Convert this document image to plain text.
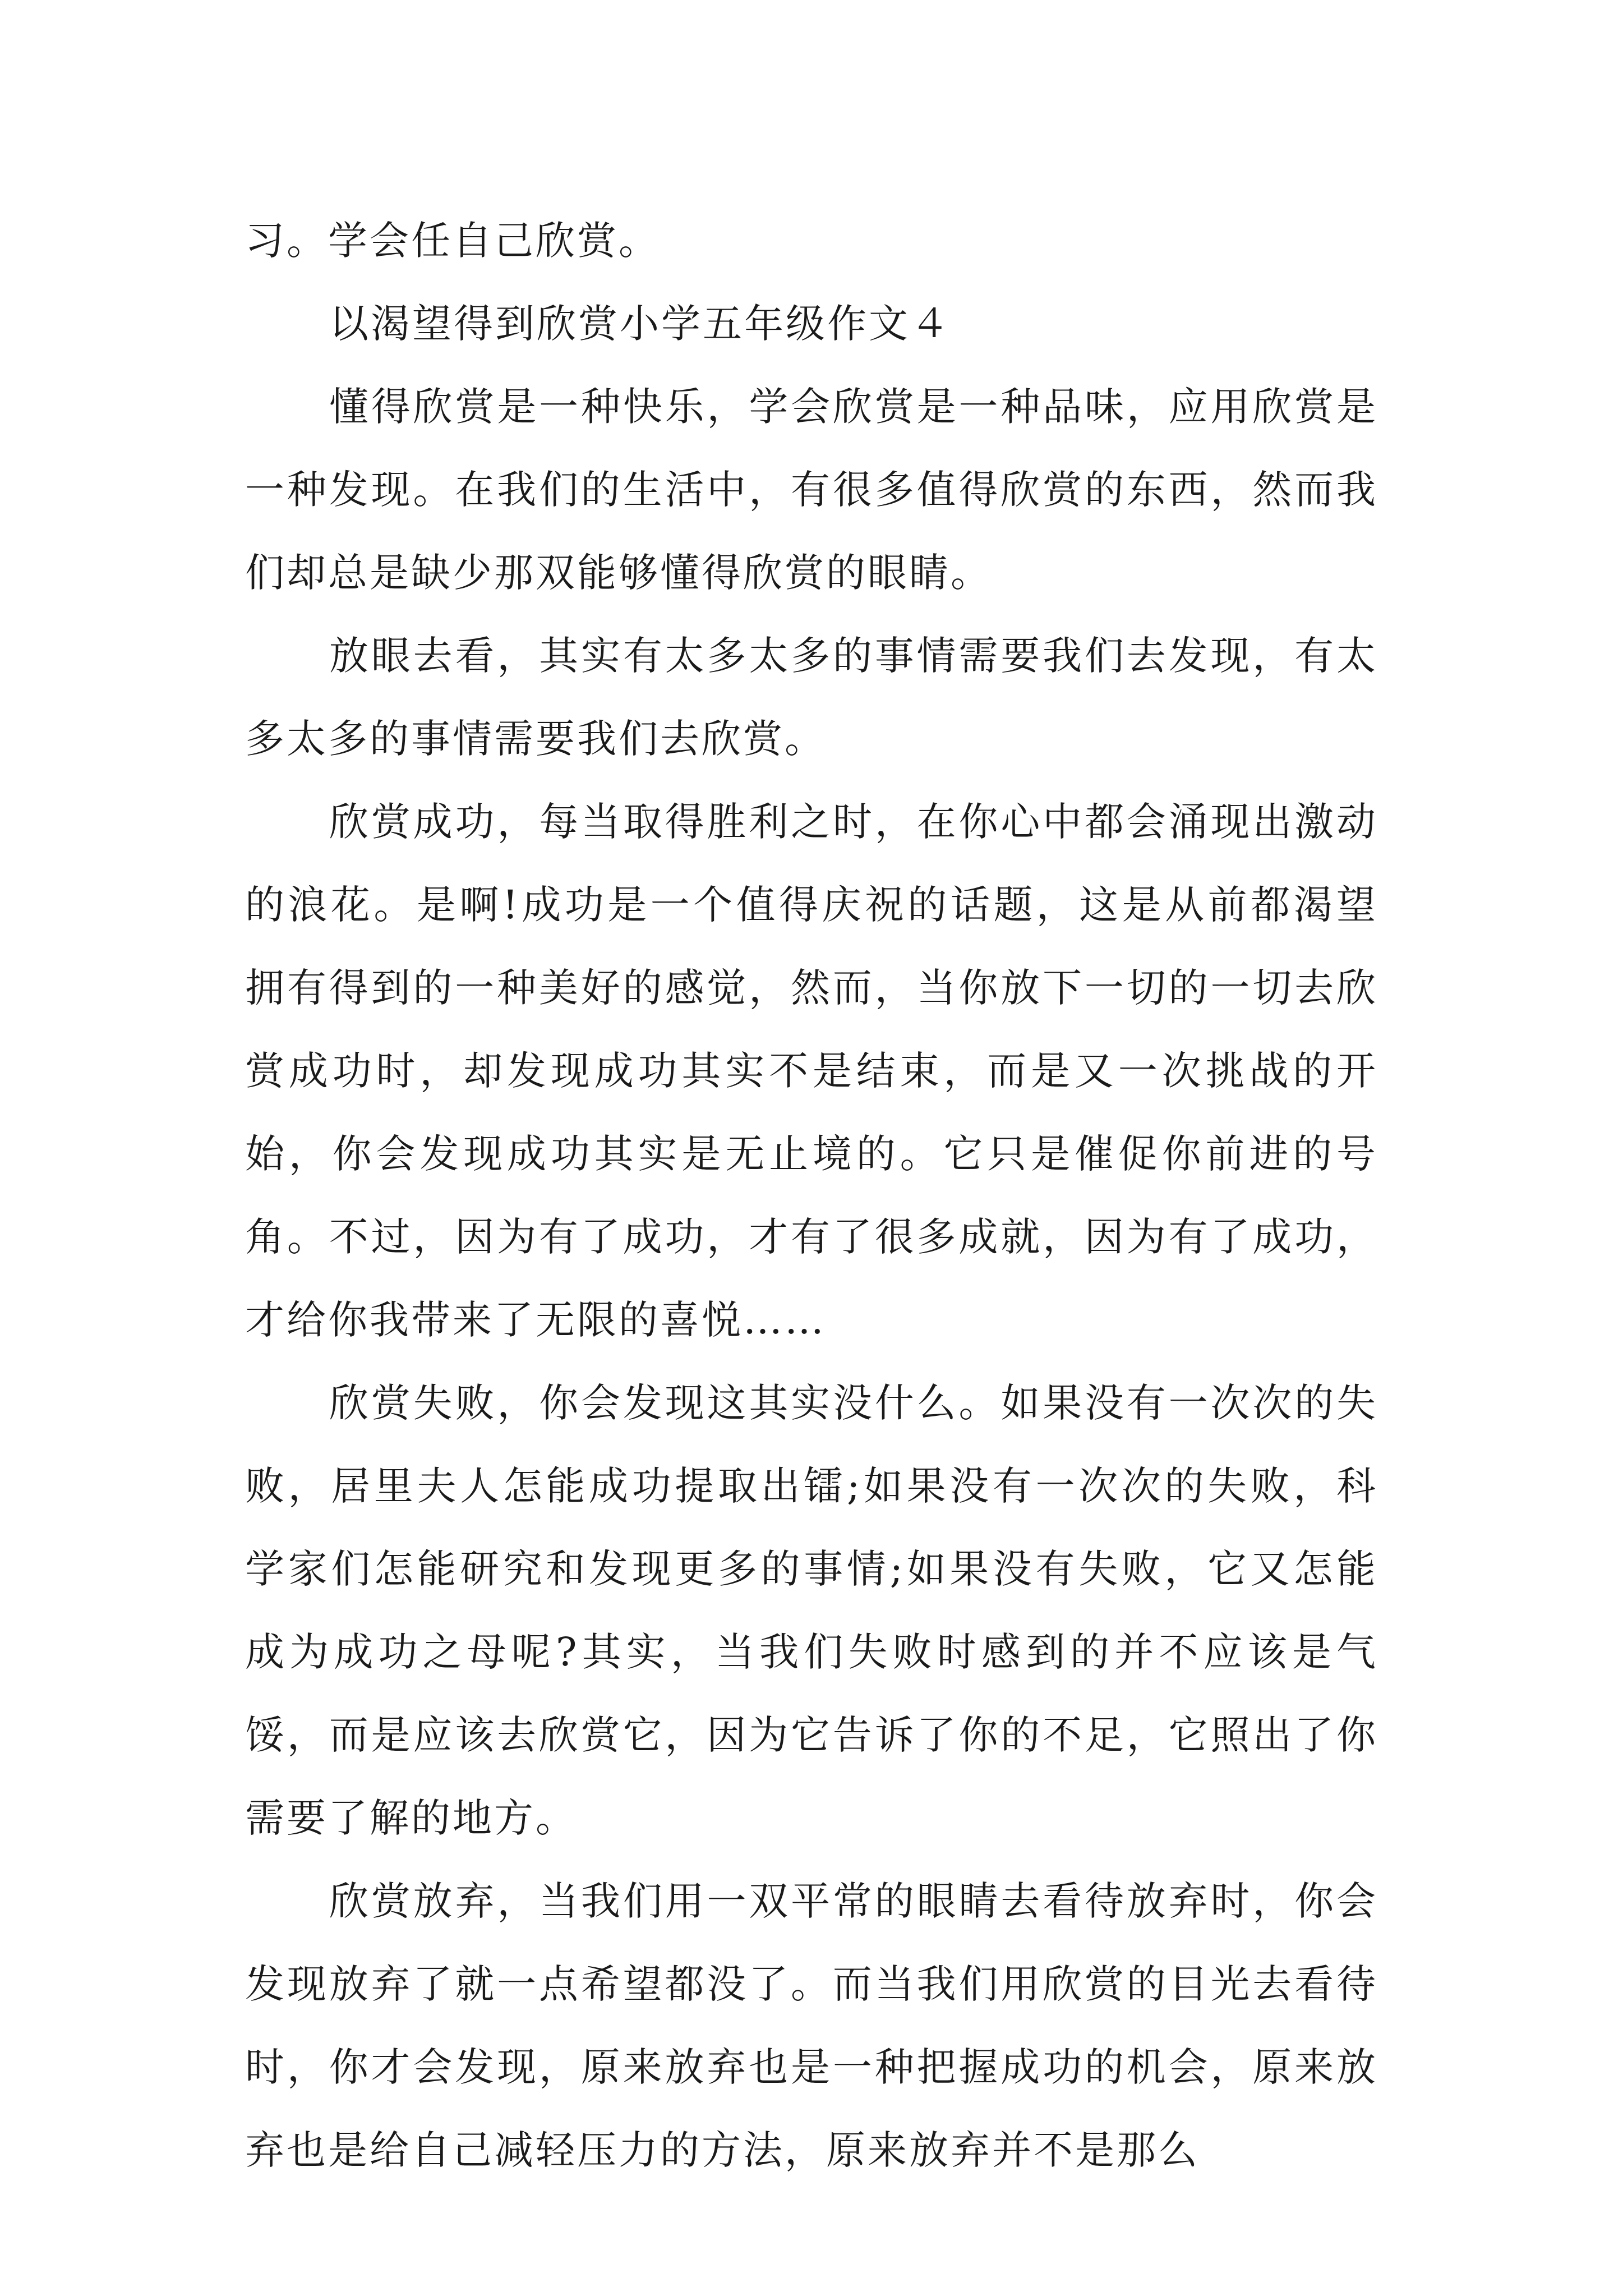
习。学会任自己欣赏。

以渴望得到欣赏小学五年级作文４

懂得欣赏是一种快乐，学会欣赏是一种品味，应用欣赏是一种发现。在我们的生活中，有很多值得欣赏的东西，然而我们却总是缺少那双能够懂得欣赏的眼睛。

放眼去看，其实有太多太多的事情需要我们去发现，有太多太多的事情需要我们去欣赏。

欣赏成功，每当取得胜利之时，在你心中都会涌现出激动的浪花。是啊!成功是一个值得庆祝的话题，这是从前都渴望拥有得到的一种美好的感觉，然而，当你放下一切的一切去欣赏成功时，却发现成功其实不是结束，而是又一次挑战的开始，你会发现成功其实是无止境的。它只是催促你前进的号角。不过，因为有了成功，才有了很多成就，因为有了成功，才给你我带来了无限的喜悦……

欣赏失败，你会发现这其实没什么。如果没有一次次的失败，居里夫人怎能成功提取出镭;如果没有一次次的失败，科学家们怎能研究和发现更多的事情;如果没有失败，它又怎能成为成功之母呢?其实，当我们失败时感到的并不应该是气馁，而是应该去欣赏它，因为它告诉了你的不足，它照出了你需要了解的地方。

欣赏放弃，当我们用一双平常的眼睛去看待放弃时，你会发现放弃了就一点希望都没了。而当我们用欣赏的目光去看待时，你才会发现，原来放弃也是一种把握成功的机会，原来放弃也是给自己减轻压力的方法，原来放弃并不是那么
